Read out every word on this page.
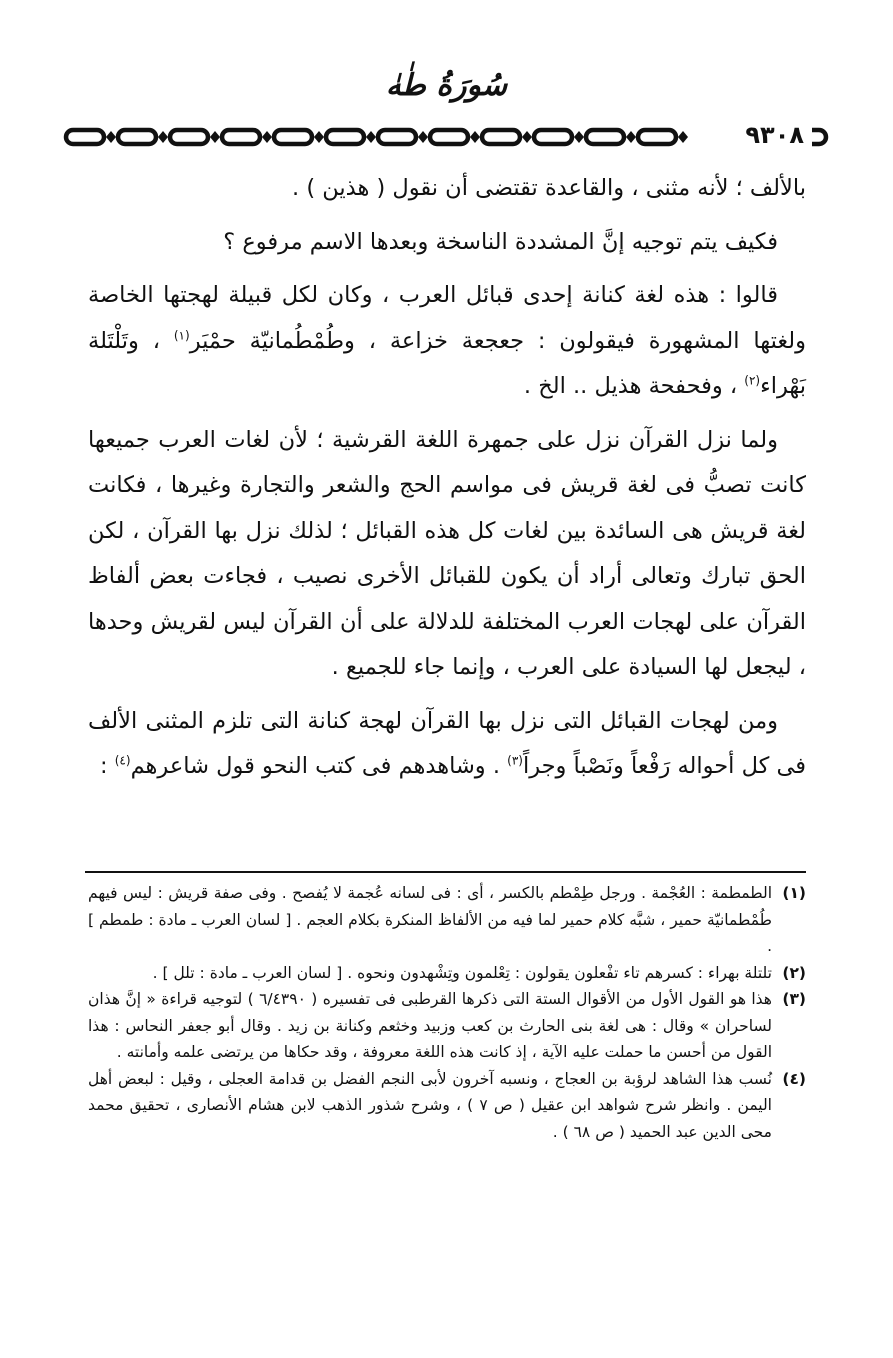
سُورَةُ طٰهٰ
٩٣٠٨

بالألف ؛ لأنه مثنى ، والقاعدة تقتضى أن نقول ( هذين ) .

فكيف يتم توجيه إنَّ المشددة الناسخة وبعدها الاسم مرفوع ؟

قالوا : هذه لغة كنانة إحدى قبائل العرب ، وكان لكل قبيلة لهجتها الخاصة ولغتها المشهورة فيقولون : جعجعة خزاعة ، وطُمْطُمانيّة حمْيَر$^{(١)}$ ، وتَلْتَلة بَهْراء$^{(٢)}$ ، وفحفحة هذيل .. الخ .

ولما نزل القرآن نزل على جمهرة اللغة القرشية ؛ لأن لغات العرب جميعها كانت تصبُّ فى لغة قريش فى مواسم الحج والشعر والتجارة وغيرها ، فكانت لغة قريش هى السائدة بين لغات كل هذه القبائل ؛ لذلك نزل بها القرآن ، لكن الحق تبارك وتعالى أراد أن يكون للقبائل الأخرى نصيب ، فجاءت بعض ألفاظ القرآن على لهجات العرب المختلفة للدلالة على أن القرآن ليس لقريش وحدها ، ليجعل لها السيادة على العرب ، وإنما جاء للجميع .

ومن لهجات القبائل التى نزل بها القرآن لهجة كنانة التى تلزم المثنى الألف فى كل أحواله رَفْعاً ونَصْباً وجراً$^{(٣)}$ . وشاهدهم فى كتب النحو قول شاعرهم$^{(٤)}$ :

(١)

الطمطمة : العُجْمة . ورجل طِمْطم بالكسر ، أى : فى لسانه عُجمة لا يُفصح . وفى صفة قريش : ليس فيهم طُمْطمانيّة حمير ، شبَّه كلام حمير لما فيه من الألفاظ المنكرة بكلام العجم . [ لسان العرب ـ مادة : طمطم ] .

(٢)

تلتلة بهراء : كسرهم تاء تفْعلون يقولون : تِعْلمون وتِشْهدون ونحوه . [ لسان العرب ـ مادة : تلل ] .

(٣)

هذا هو القول الأول من الأقوال الستة التى ذكرها القرطبى فى تفسيره ( ٦/٤٣٩٠ ) لتوجيه قراءة « إنَّ هذان لساحران » وقال : هى لغة بنى الحارث بن كعب وزبيد وخثعم وكنانة بن زيد . وقال أبو جعفر النحاس : هذا القول من أحسن ما حملت عليه الآية ، إذ كانت هذه اللغة معروفة ، وقد حكاها من يرتضى علمه وأمانته .

(٤)

نُسب هذا الشاهد لرؤبة بن العجاج ، ونسبه آخرون لأبى النجم الفضل بن قدامة العجلى ، وقيل : لبعض أهل اليمن . وانظر شرح شواهد ابن عقيل ( ص ٧ ) ، وشرح شذور الذهب لابن هشام الأنصارى ، تحقيق محمد محى الدين عبد الحميد ( ص ٦٨ ) .
